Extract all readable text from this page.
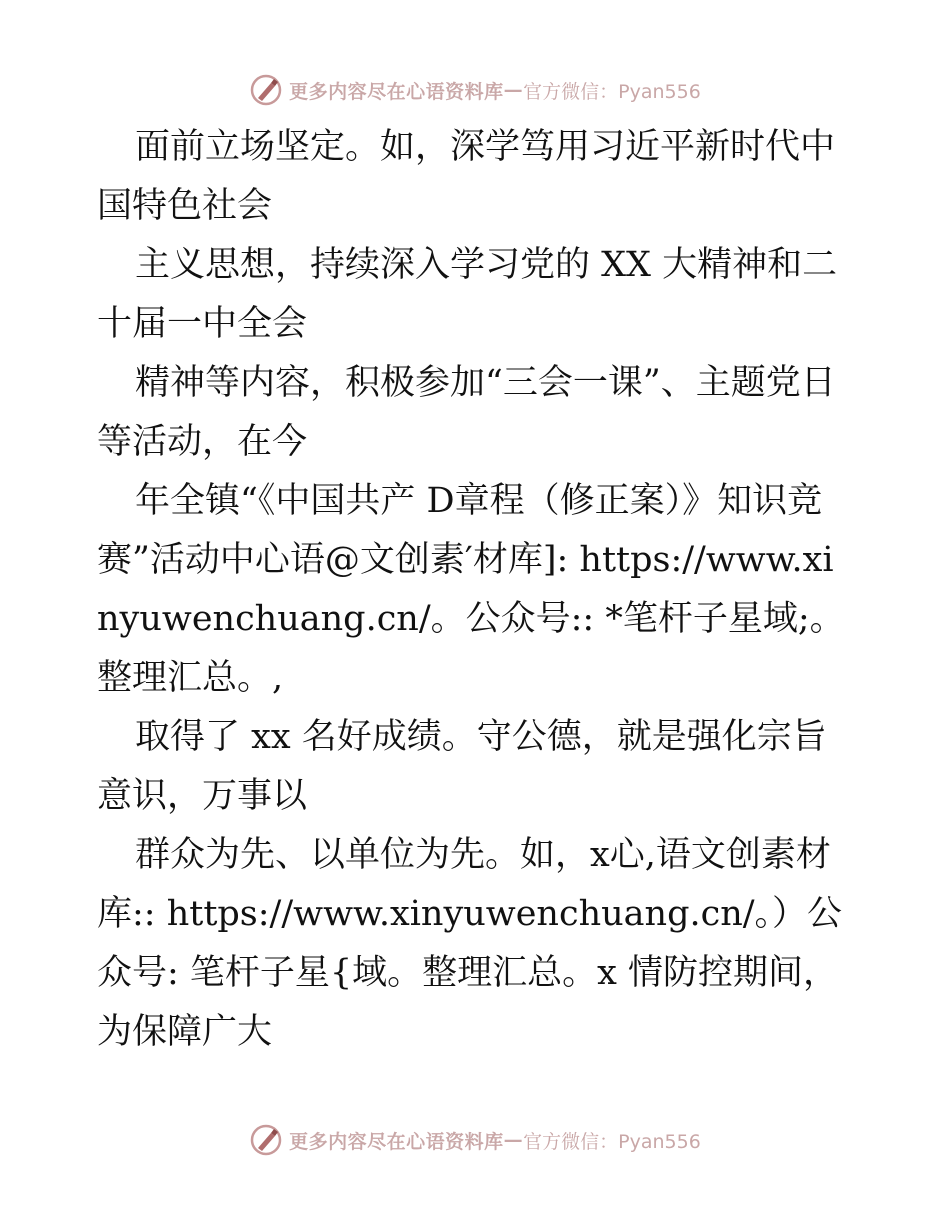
更多内容尽在心语资料库 — 官方微信：Pyan556

面前立场坚定。如，深学笃用习近平新时代中国特色社会

主义思想，持续深入学习党的 XX 大精神和二十届一中全会

精神等内容，积极参加“三会一课”、主题党日等活动，在今

年全镇“《中国共产 D章程（修正案）》知识竞赛”活动中心语@文创素′材库]: https://www.xinyuwenchuang.cn/。公众号:: *笔杆子星域;。整理汇总。,

取得了 xx 名好成绩。守公德，就是强化宗旨意识，万事以

群众为先、以单位为先。如，x心,语文创素材库:: https://www.xinyuwenchuang.cn/。）公众号: 笔杆子星{域。整理汇总。x 情防控期间，为保障广大

更多内容尽在心语资料库 — 官方微信：Pyan556
